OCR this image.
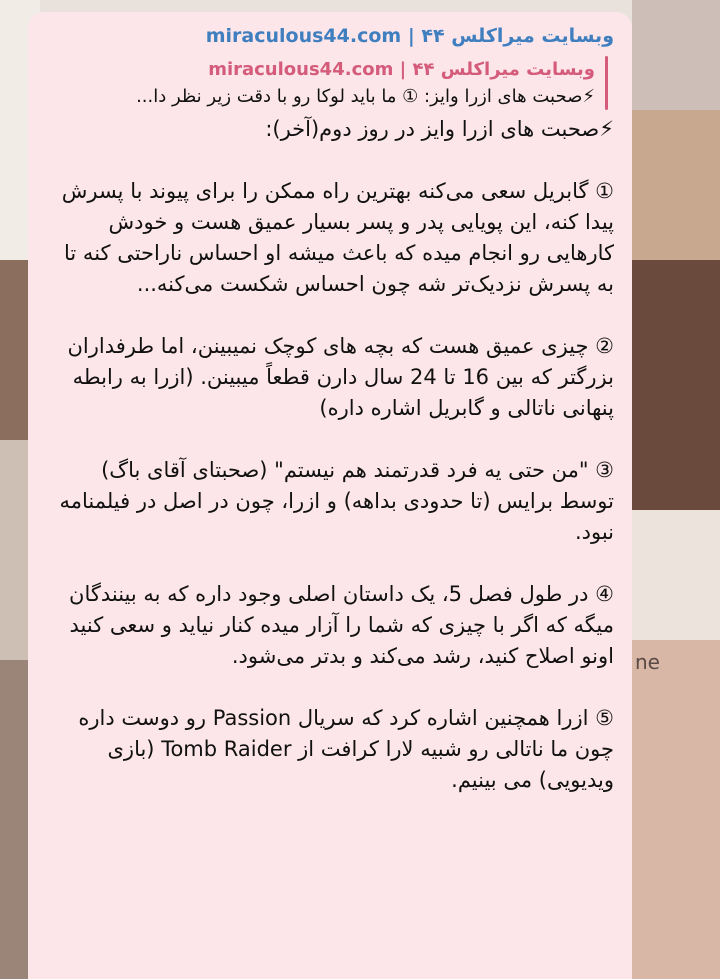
ne
وبسایت میراکلس ۴۴ | miraculous44.com
وبسایت میراکلس ۴۴ | miraculous44.com
⚡صحبت های ازرا وایز: ① ما باید لوکا رو با دقت زیر نظر دا...
⚡صحبت های ازرا وایز در روز دوم(آخر):

① گابریل سعی می‌کنه بهترین راه ممکن را برای پیوند با پسرش پیدا کنه، این پویایی پدر و پسر بسیار عمیق هست و خودش کارهایی رو انجام میده که باعث میشه او احساس ناراحتی کنه تا به پسرش نزدیک‌تر شه چون احساس شکست می‌کنه...

② چیزی عمیق هست که بچه های کوچک نمیبینن، اما طرفداران بزرگتر که بین 16 تا 24 سال دارن قطعاً میبینن. (ازرا به رابطه پنهانی ناتالی و گابریل اشاره داره)

③ "من حتی یه فرد قدرتمند هم نیستم" (صحبتای آقای باگ)
توسط برایس (تا حدودی بداهه) و ازرا، چون در اصل در فیلمنامه نبود.

④ در طول فصل 5، یک داستان اصلی وجود داره که به بینندگان میگه که اگر با چیزی که شما را آزار میده کنار نیاید و سعی کنید اونو اصلاح کنید، رشد می‌کند و بدتر می‌شود.

⑤ ازرا همچنین اشاره کرد که سریال Passion رو دوست داره چون ما ناتالی رو شبیه لارا کرافت از Tomb Raider (بازی ویدیویی) می بینیم.
